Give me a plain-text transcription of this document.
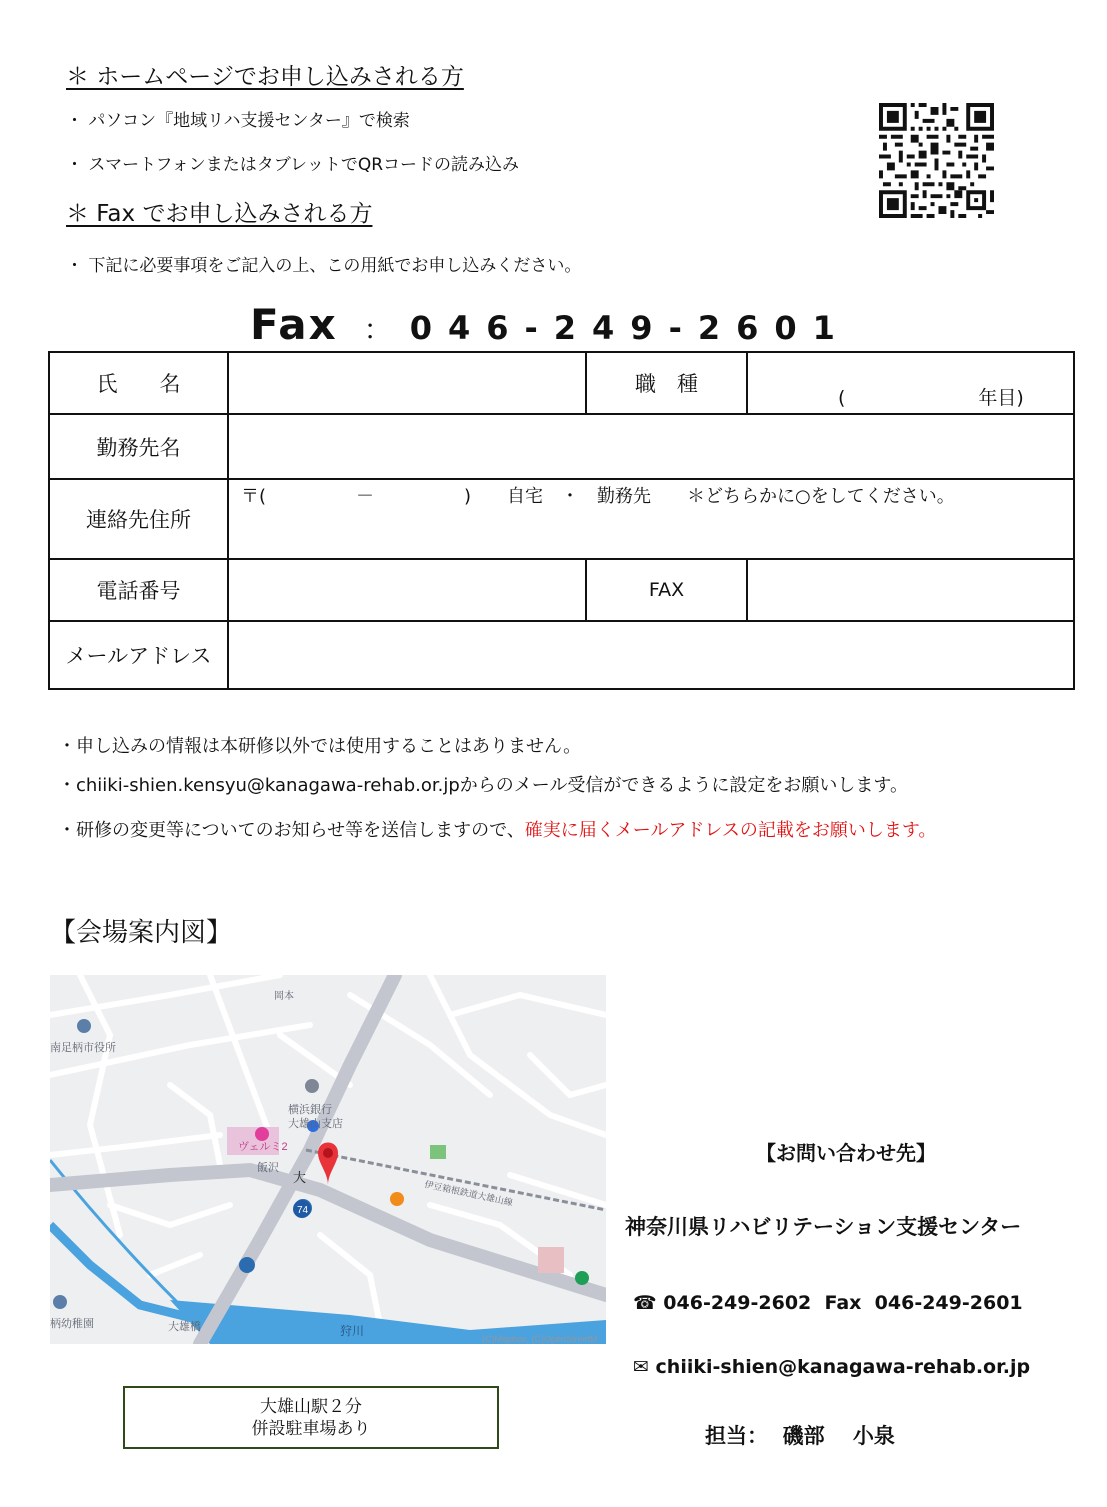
＊ ホームページでお申し込みされる方
・ パソコン『地域リハ支援センター』で検索
・ スマートフォンまたはタブレットでQRコードの読み込み
＊ Fax でお申し込みされる方
・ 下記に必要事項をご記入の上、この用紙でお申し込みください。
Fax ： 046-249-2601
氏　　名		職　種	(　　　　　　　年目)

勤務先名			
連絡先住所	〒(　　　　　－　　　　　)　　自宅　・　勤務先　　＊どちらかに○をしてください。		

電話番号		FAX	
メールアドレス			
・申し込みの情報は本研修以外では使用することはありません。
・chiiki-shien.kensyu@kanagawa-rehab.or.jpからのメール受信ができるように設定をお願いします。
・研修の変更等についてのお知らせ等を送信しますので、確実に届くメールアドレスの記載をお願いします。
【会場案内図】
南足柄市役所
横浜銀行
大雄山支店
ヴェルミ2
飯沢
大
伊豆箱根鉄道大雄山線
74
柄幼稚園	大雄橋	狩川
岡本
(C)Mapbox, (C)OpenStreetM
大雄山駅２分
併設駐車場あり
【お問い合わせ先】
神奈川県リハビリテーション支援センター
☎ 046-249-2602  Fax  046-249-2601
✉ chiiki-shien@kanagawa-rehab.or.jp
担当：  磯部　 小泉
